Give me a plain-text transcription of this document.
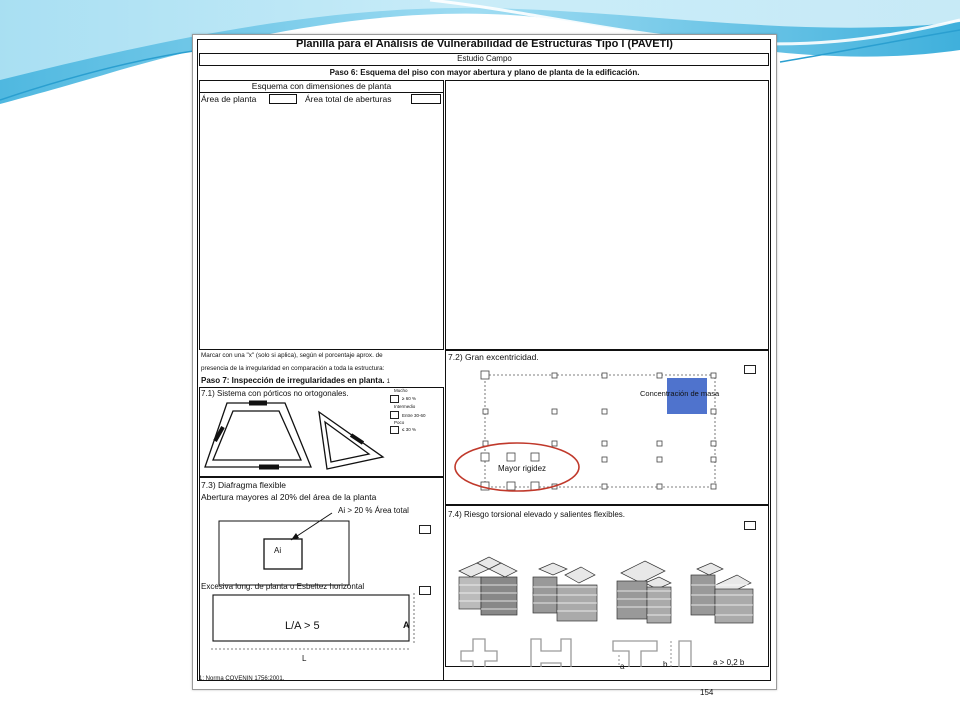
Planilla para el Análisis de Vulnerabilidad de Estructuras Tipo I (PAVETI)
Estudio Campo
Paso 6: Esquema del piso con mayor abertura y plano de planta de la edificación.
Esquema con dimensiones de planta
Área de planta	Área total de aberturas
Marcar con una "x" (solo si aplica), según el porcentaje aprox. de
presencia de la irregularidad en comparación a toda la estructura:
Paso 7: Inspección de irregularidades en planta. 1
7.1) Sistema con pórticos no ortogonales.	Mucho
≥ 60 %
Intermedio
Entre 30-60
Poco
≤ 30 %
7.2) Gran excentricidad.
Concentración de masa
Mayor rigidez
7.3) Diafragma flexible
Abertura mayores al 20% del área de la planta
Ai > 20 % Área total
Ai
Excesiva long. de planta o Esbeltez horizontal
L/A > 5	A
L
7.4) Riesgo torsional elevado y salientes flexibles.
a	b	a > 0,2 b
154
1: Norma COVENIN 1756:2001.
